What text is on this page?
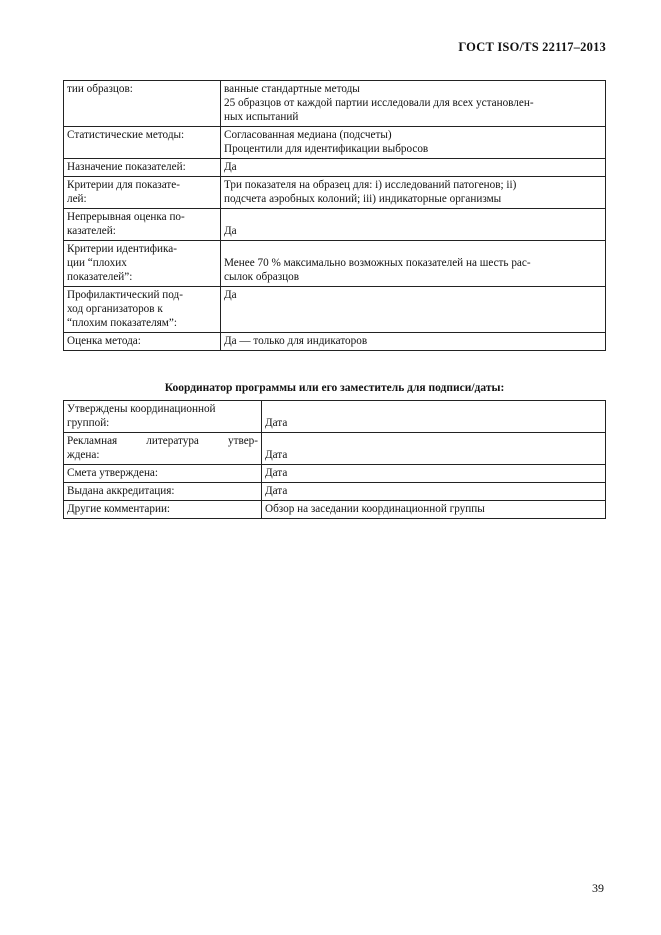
ГОСТ ISO/TS 22117–2013
тии образцов:	ванные стандартные методы
25 образцов от каждой партии исследовали для всех установлен-
ных испытаний

Статистические методы:	Согласованная медиана (подсчеты)
Процентили для идентификации выбросов

Назначение показателей:	Да

Критерии для показате-
лей:	Три показателя на образец для: i) исследований патогенов; ii)
подсчета аэробных колоний; iii) индикаторные организмы

Непрерывная оценка по-
казателей:	Да

Критерии идентифика-
ции “плохих
показателей”:	Менее 70 % максимально возможных показателей на шесть рас-
сылок образцов

Профилактический под-
ход организаторов к
“плохим показателям”:	Да

Оценка метода:	Да — только для индикаторов
Координатор программы или его заместитель для подписи/даты:
Утверждены координационной
группой:	Дата

Рекламная литература утвер-
ждена:	Дата

Смета утверждена:	Дата

Выдана аккредитация:	Дата

Другие комментарии:	Обзор на заседании координационной группы
39
